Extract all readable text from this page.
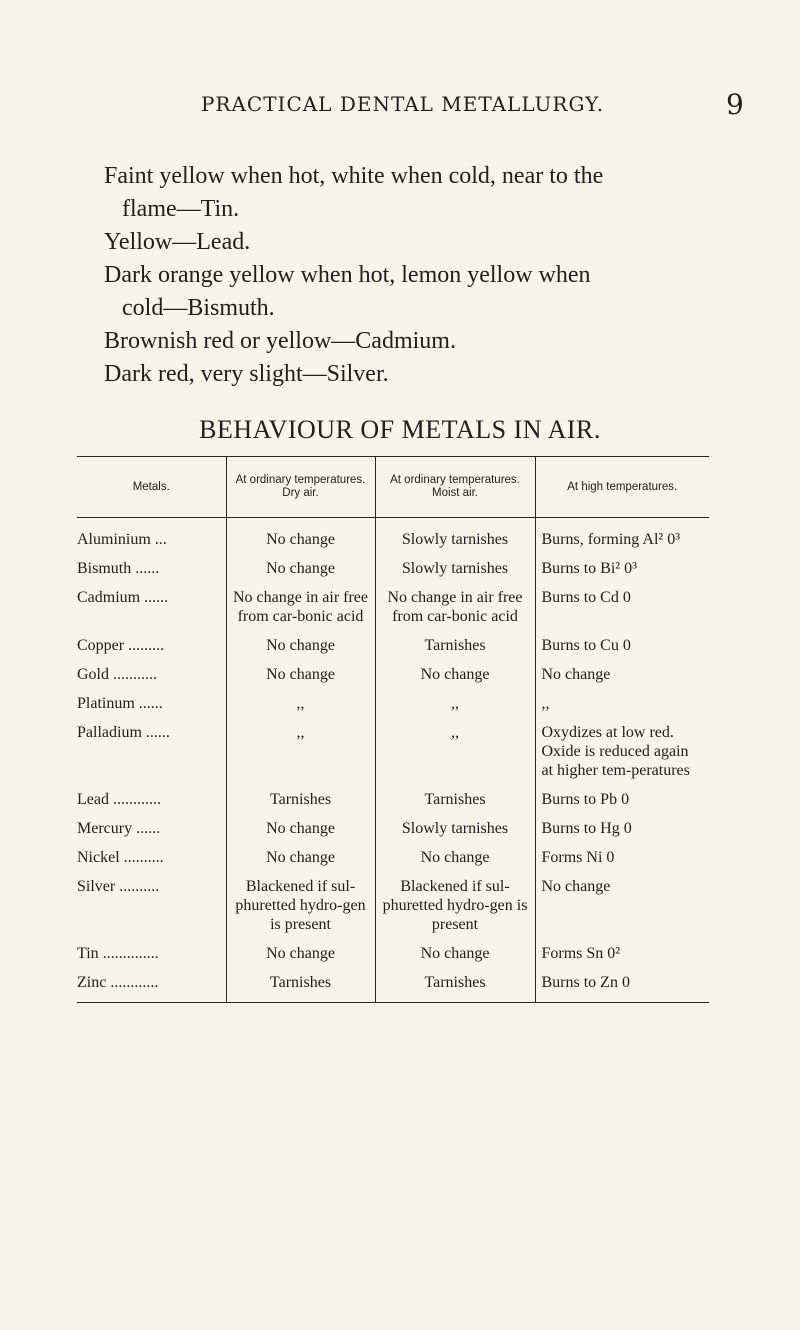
PRACTICAL DENTAL METALLURGY.	9

Faint yellow when hot, white when cold, near to the

flame—Tin.

Yellow—Lead.

Dark orange yellow when hot, lemon yellow when

cold—Bismuth.

Brownish red or yellow—Cadmium.

Dark red, very slight—Silver.

BEHAVIOUR OF METALS IN AIR.
Metals.	At ordinary temperatures. Dry air.	At ordinary temperatures. Moist air.	At high temperatures.
Aluminium ...	No change	Slowly tarnishes	Burns, forming Al² 0³
Bismuth ......	No change	Slowly tarnishes	Burns to Bi² 0³
Cadmium ......	No change in air free from car-bonic acid	No change in air free from car-bonic acid	Burns to Cd 0
Copper .........	No change	Tarnishes	Burns to Cu 0
Gold ...........	No change	No change	No change
Platinum ......	,,	,,	,,
Palladium ......	,,	,,	Oxydizes at low red. Oxide is reduced again at higher tem-peratures
Lead ............	Tarnishes	Tarnishes	Burns to Pb 0
Mercury ......	No change	Slowly tarnishes	Burns to Hg 0
Nickel ..........	No change	No change	Forms Ni 0
Silver ..........	Blackened if sul-phuretted hydro-gen is present	Blackened if sul-phuretted hydro-gen is present	No change
Tin ..............	No change	No change	Forms Sn 0²
Zinc ............	Tarnishes	Tarnishes	Burns to Zn 0
